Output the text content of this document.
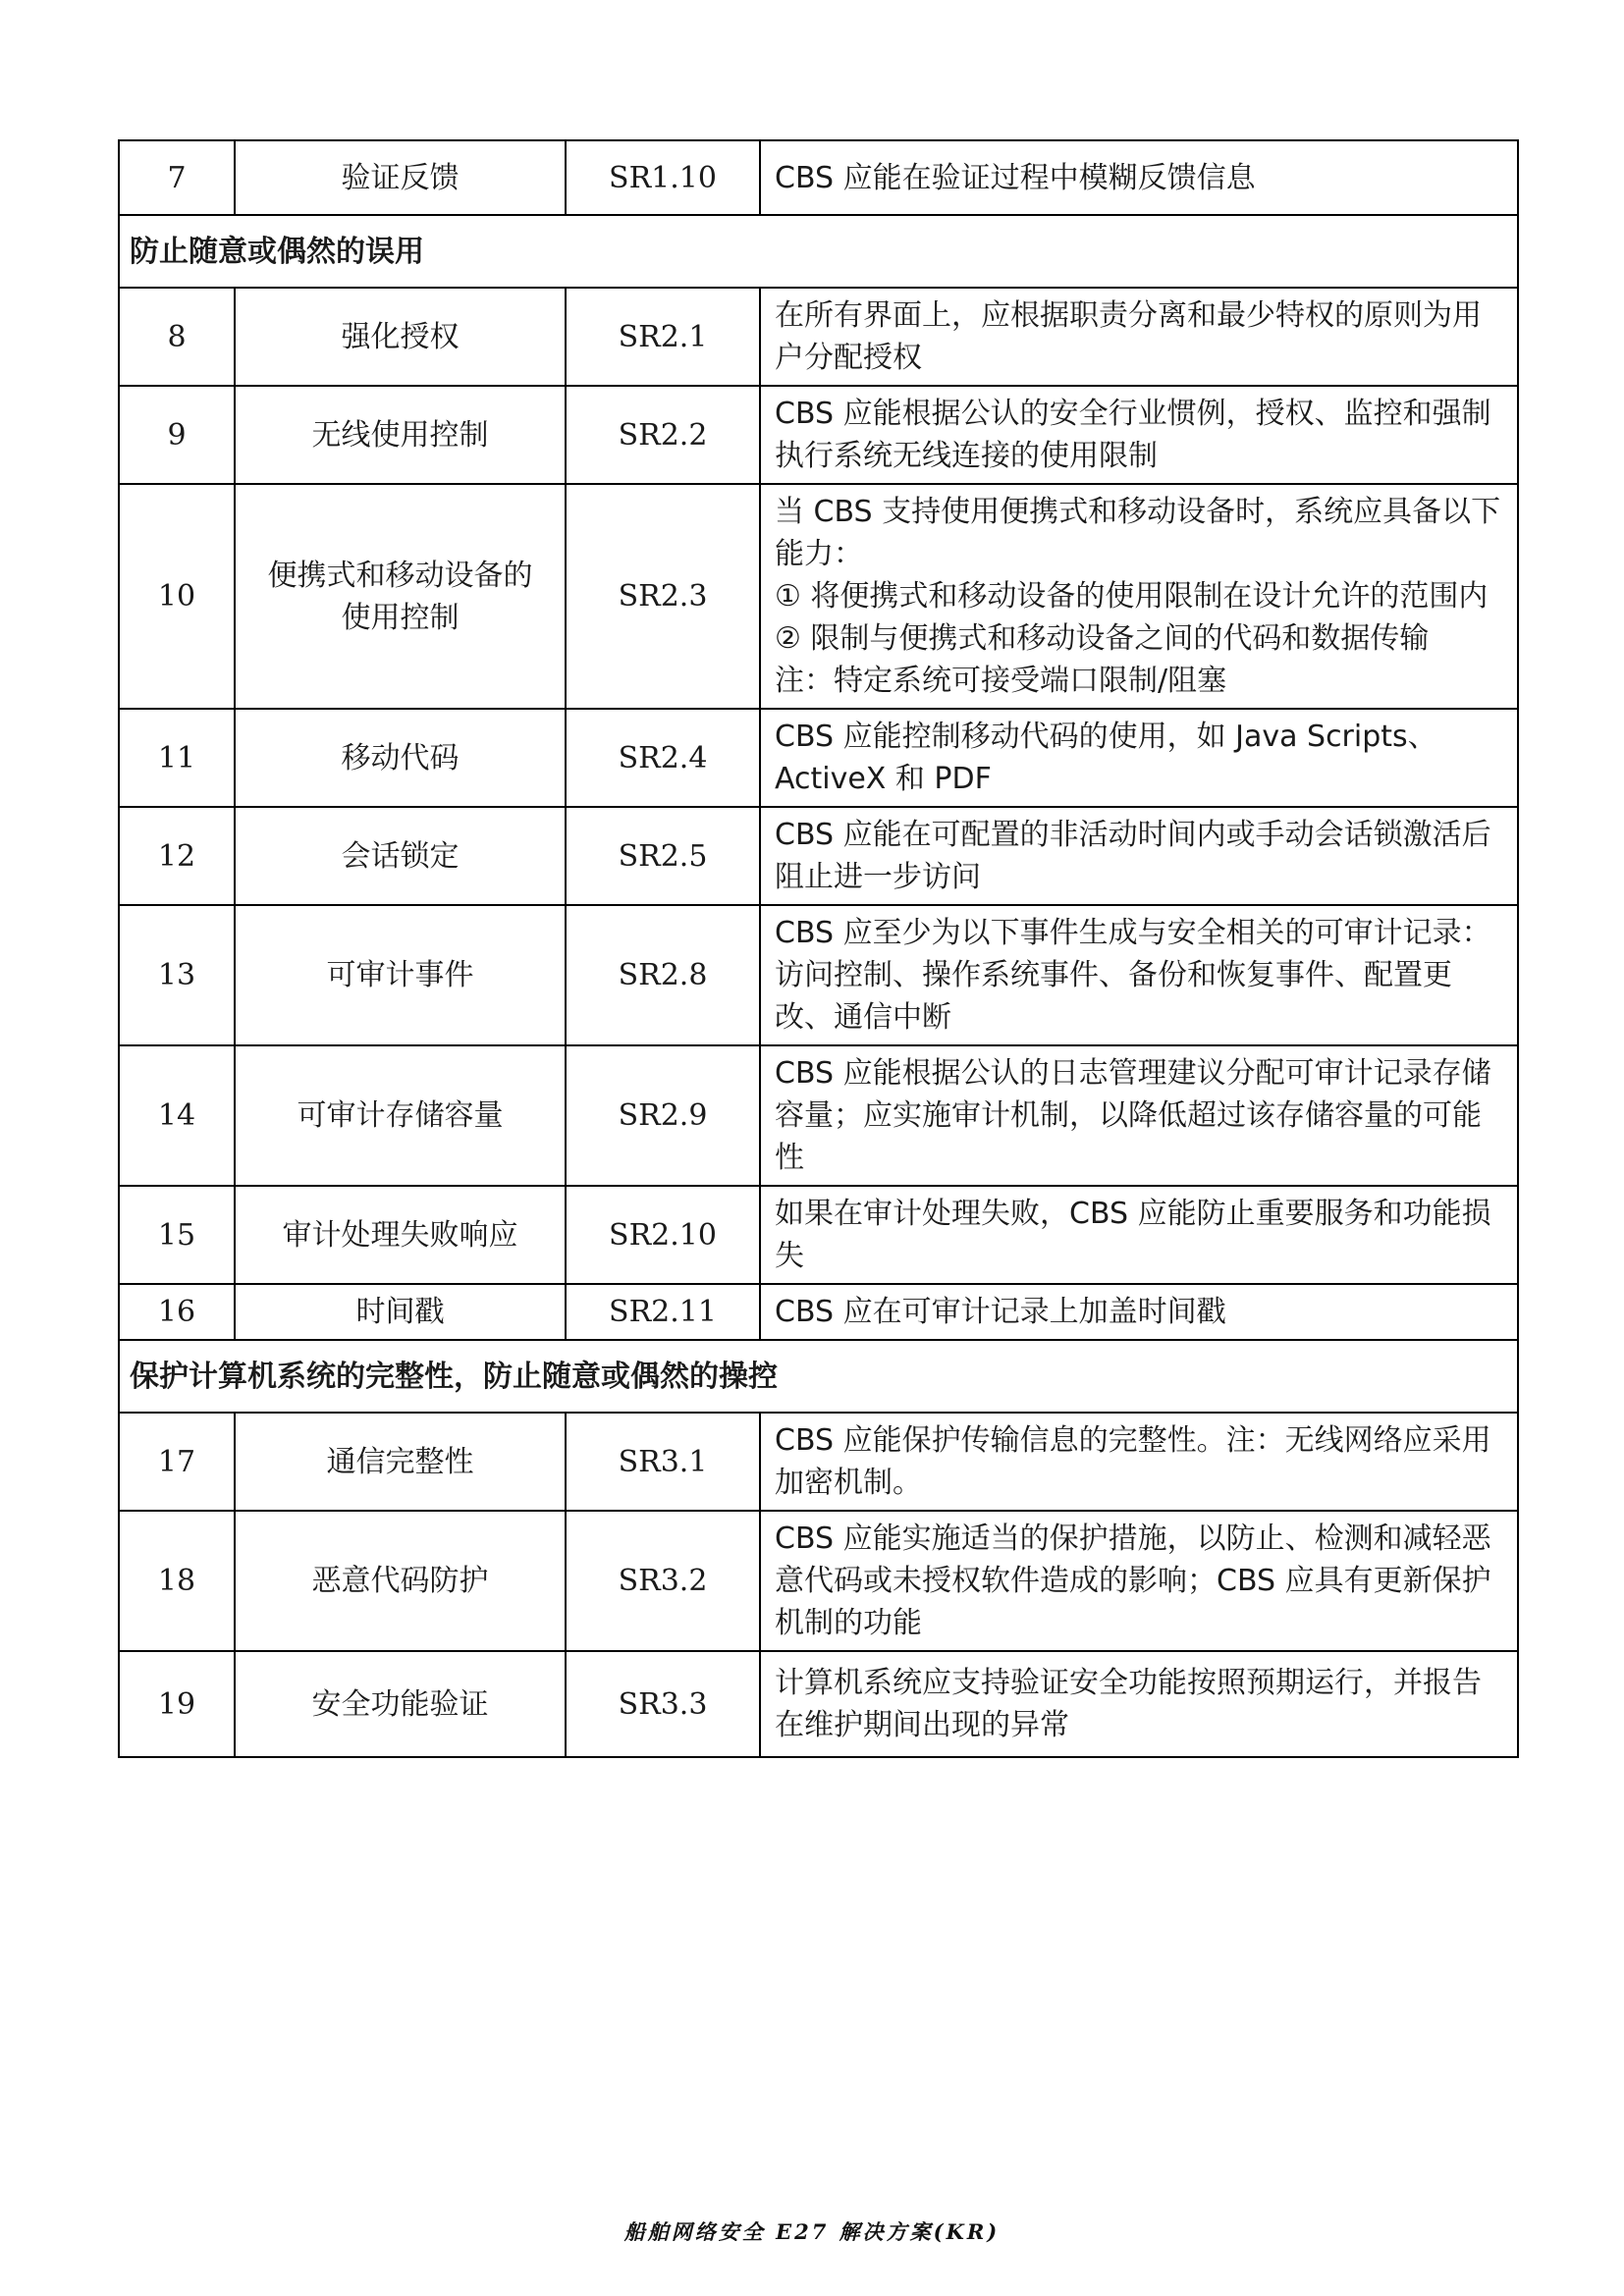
7	验证反馈	SR1.10	CBS 应能在验证过程中模糊反馈信息

防止随意或偶然的误用			
8	强化授权	SR2.1	在所有界面上，应根据职责分离和最少特权的原则为用户分配授权

9	无线使用控制	SR2.2	CBS 应能根据公认的安全行业惯例，授权、监控和强制执行系统无线连接的使用限制

10	便携式和移动设备的使用控制	SR2.3	当 CBS 支持使用便携式和移动设备时，系统应具备以下能力：
① 将便携式和移动设备的使用限制在设计允许的范围内
② 限制与便携式和移动设备之间的代码和数据传输
注：特定系统可接受端口限制/阻塞

11	移动代码	SR2.4	CBS 应能控制移动代码的使用，如 Java Scripts、ActiveX 和 PDF

12	会话锁定	SR2.5	CBS 应能在可配置的非活动时间内或手动会话锁激活后阻止进一步访问

13	可审计事件	SR2.8	CBS 应至少为以下事件生成与安全相关的可审计记录：访问控制、操作系统事件、备份和恢复事件、配置更改、通信中断

14	可审计存储容量	SR2.9	CBS 应能根据公认的日志管理建议分配可审计记录存储容量；应实施审计机制，以降低超过该存储容量的可能性

15	审计处理失败响应	SR2.10	如果在审计处理失败，CBS 应能防止重要服务和功能损失

16	时间戳	SR2.11	CBS 应在可审计记录上加盖时间戳

保护计算机系统的完整性，防止随意或偶然的操控			
17	通信完整性	SR3.1	CBS 应能保护传输信息的完整性。注：无线网络应采用加密机制。

18	恶意代码防护	SR3.2	CBS 应能实施适当的保护措施，以防止、检测和减轻恶意代码或未授权软件造成的影响；CBS 应具有更新保护机制的功能

19	安全功能验证	SR3.3	计算机系统应支持验证安全功能按照预期运行，并报告在维护期间出现的异常
船舶网络安全 E27 解决方案(KR)
